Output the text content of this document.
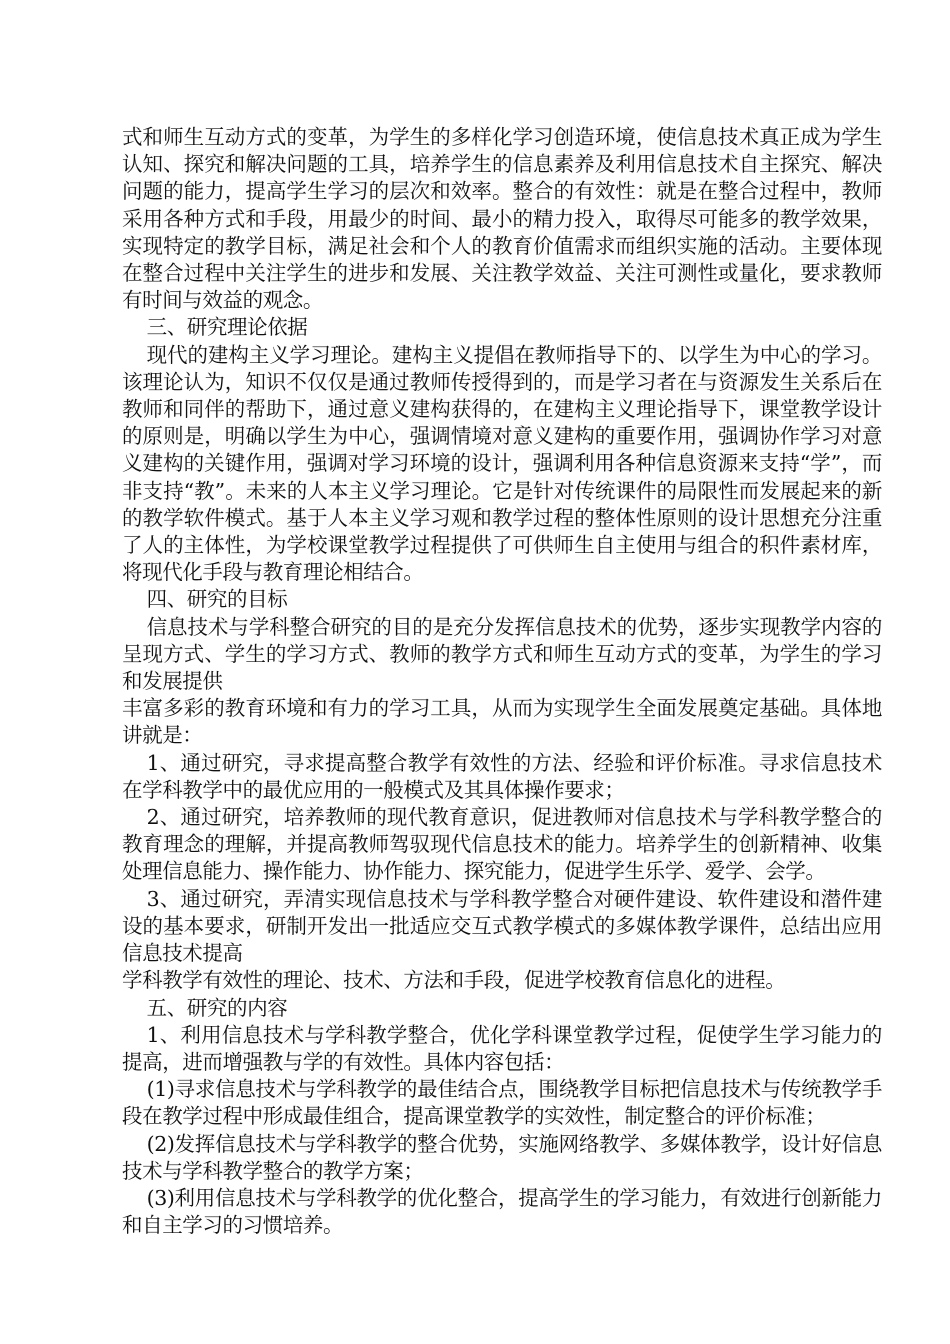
式和师生互动方式的变革，为学生的多样化学习创造环境，使信息技术真正成为学生认知、探究和解决问题的工具，培养学生的信息素养及利用信息技术自主探究、解决问题的能力，提高学生学习的层次和效率。整合的有效性：就是在整合过程中，教师采用各种方式和手段，用最少的时间、最小的精力投入，取得尽可能多的教学效果，实现特定的教学目标，满足社会和个人的教育价值需求而组织实施的活动。主要体现在整合过程中关注学生的进步和发展、关注教学效益、关注可测性或量化，要求教师有时间与效益的观念。

三、研究理论依据

现代的建构主义学习理论。建构主义提倡在教师指导下的、以学生为中心的学习。该理论认为，知识不仅仅是通过教师传授得到的，而是学习者在与资源发生关系后在教师和同伴的帮助下，通过意义建构获得的，在建构主义理论指导下，课堂教学设计的原则是，明确以学生为中心，强调情境对意义建构的重要作用，强调协作学习对意义建构的关键作用，强调对学习环境的设计，强调利用各种信息资源来支持“学”，而非支持“教”。未来的人本主义学习理论。它是针对传统课件的局限性而发展起来的新的教学软件模式。基于人本主义学习观和教学过程的整体性原则的设计思想充分注重了人的主体性，为学校课堂教学过程提供了可供师生自主使用与组合的积件素材库，将现代化手段与教育理论相结合。

四、研究的目标

信息技术与学科整合研究的目的是充分发挥信息技术的优势，逐步实现教学内容的呈现方式、学生的学习方式、教师的教学方式和师生互动方式的变革，为学生的学习和发展提供

丰富多彩的教育环境和有力的学习工具，从而为实现学生全面发展奠定基础。具体地讲就是：

1、通过研究，寻求提高整合教学有效性的方法、经验和评价标准。寻求信息技术在学科教学中的最优应用的一般模式及其具体操作要求；

2、通过研究，培养教师的现代教育意识，促进教师对信息技术与学科教学整合的教育理念的理解，并提高教师驾驭现代信息技术的能力。培养学生的创新精神、收集处理信息能力、操作能力、协作能力、探究能力，促进学生乐学、爱学、会学。

3、通过研究，弄清实现信息技术与学科教学整合对硬件建设、软件建设和潜件建设的基本要求，研制开发出一批适应交互式教学模式的多媒体教学课件，总结出应用信息技术提高

学科教学有效性的理论、技术、方法和手段，促进学校教育信息化的进程。

五、研究的内容

1、利用信息技术与学科教学整合，优化学科课堂教学过程，促使学生学习能力的提高，进而增强教与学的有效性。具体内容包括：

(1)寻求信息技术与学科教学的最佳结合点，围绕教学目标把信息技术与传统教学手段在教学过程中形成最佳组合，提高课堂教学的实效性，制定整合的评价标准；

(2)发挥信息技术与学科教学的整合优势，实施网络教学、多媒体教学，设计好信息技术与学科教学整合的教学方案；

(3)利用信息技术与学科教学的优化整合，提高学生的学习能力，有效进行创新能力和自主学习的习惯培养。
